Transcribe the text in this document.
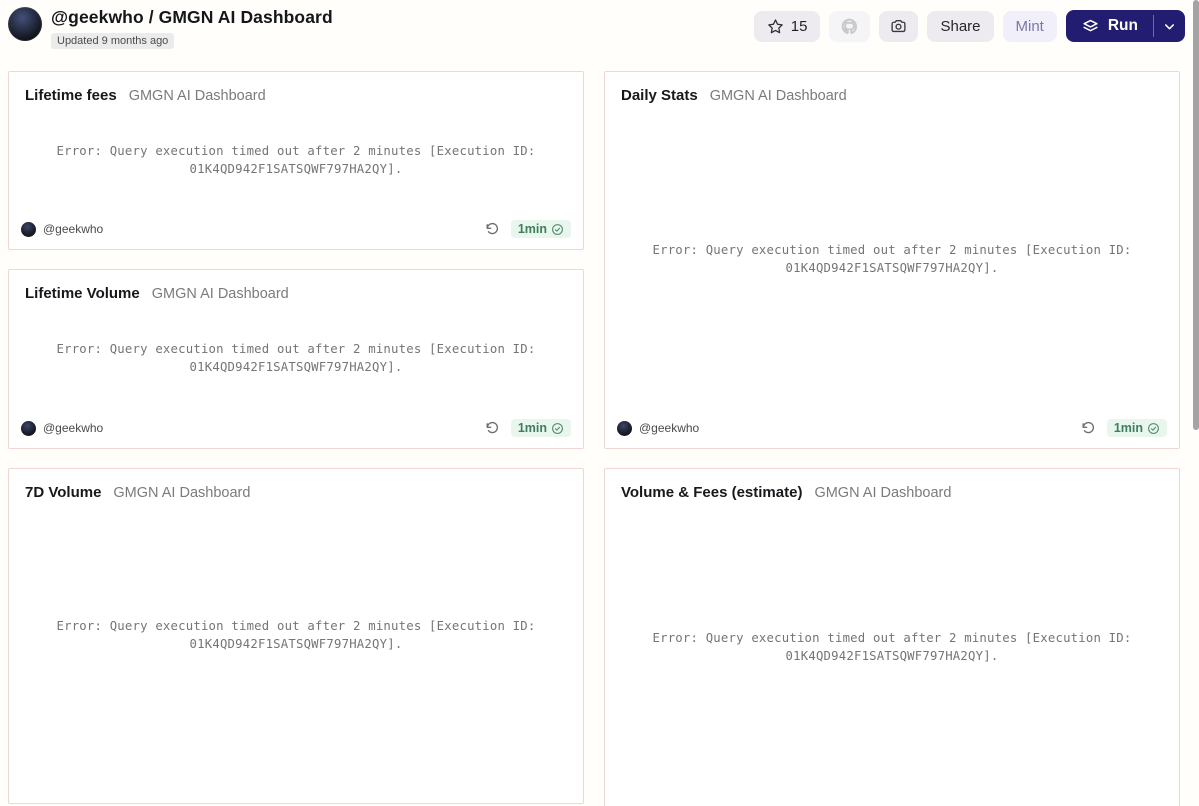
@geekwho / GMGN AI Dashboard
Updated 9 months ago
15	Share	Mint	Run
Error: Query execution timed out after 2 minutes [Execution ID:
01K4QD942F1SATSQWF797HA2QY].
Lifetime fees GMGN AI Dashboard
@geekwho	1min
Error: Query execution timed out after 2 minutes [Execution ID:
01K4QD942F1SATSQWF797HA2QY].
Lifetime Volume GMGN AI Dashboard
@geekwho	1min
Error: Query execution timed out after 2 minutes [Execution ID:
01K4QD942F1SATSQWF797HA2QY].
7D Volume GMGN AI Dashboard
Error: Query execution timed out after 2 minutes [Execution ID:
01K4QD942F1SATSQWF797HA2QY].
Daily Stats GMGN AI Dashboard
@geekwho	1min
Error: Query execution timed out after 2 minutes [Execution ID:
01K4QD942F1SATSQWF797HA2QY].
Volume & Fees (estimate) GMGN AI Dashboard
